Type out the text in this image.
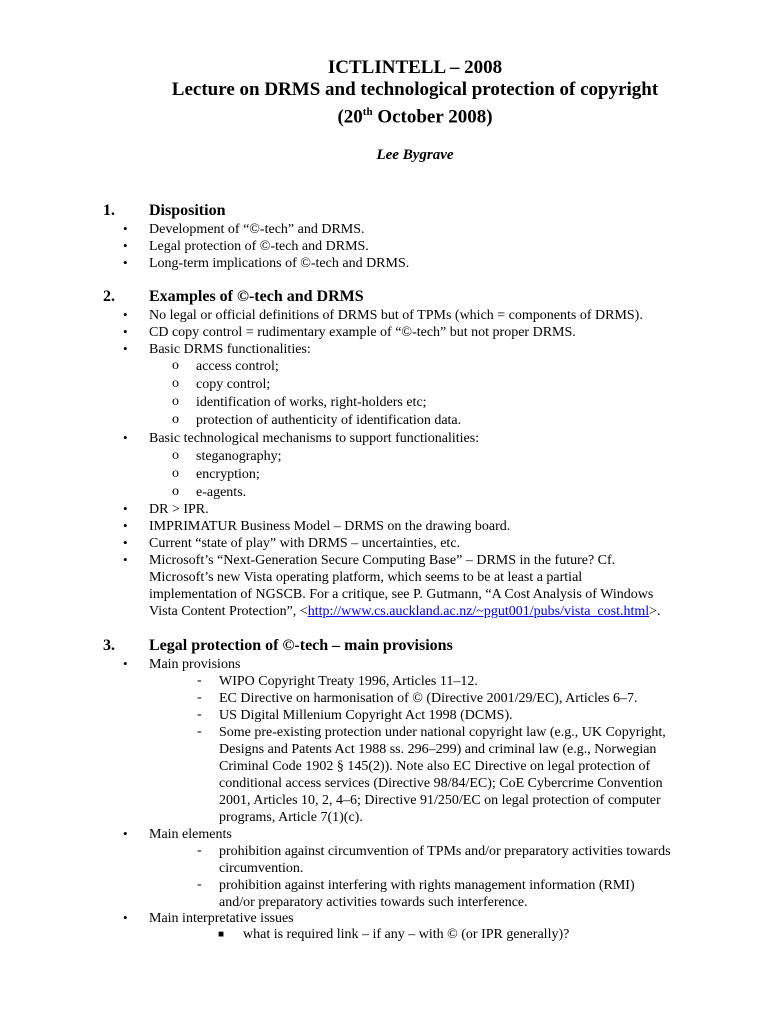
ICTLINTELL – 2008
Lecture on DRMS and technological protection of copyright
(20th October 2008)
Lee Bygrave
1. Disposition
• Development of “©-tech” and DRMS.
• Legal protection of ©-tech and DRMS.
• Long-term implications of ©-tech and DRMS.
2. Examples of ©-tech and DRMS
• No legal or official definitions of DRMS but of TPMs (which = components of DRMS).
• CD copy control = rudimentary example of “©-tech” but not proper DRMS.
• Basic DRMS functionalities:
o access control;
o copy control;
o identification of works, right-holders etc;
o protection of authenticity of identification data.
• Basic technological mechanisms to support functionalities:
o steganography;
o encryption;
o e-agents.
• DR > IPR.
• IMPRIMATUR Business Model – DRMS on the drawing board.
• Current “state of play” with DRMS – uncertainties, etc.
• Microsoft’s “Next-Generation Secure Computing Base” – DRMS in the future? Cf.
Microsoft’s new Vista operating platform, which seems to be at least a partial
implementation of NGSCB. For a critique, see P. Gutmann, “A Cost Analysis of Windows
Vista Content Protection”, <http://www.cs.auckland.ac.nz/~pgut001/pubs/vista_cost.html>.
3. Legal protection of ©-tech – main provisions
• Main provisions
- WIPO Copyright Treaty 1996, Articles 11–12.
- EC Directive on harmonisation of © (Directive 2001/29/EC), Articles 6–7.
- US Digital Millenium Copyright Act 1998 (DCMS).
- Some pre-existing protection under national copyright law (e.g., UK Copyright,
Designs and Patents Act 1988 ss. 296–299) and criminal law (e.g., Norwegian
Criminal Code 1902 § 145(2)). Note also EC Directive on legal protection of
conditional access services (Directive 98/84/EC); CoE Cybercrime Convention
2001, Articles 10, 2, 4–6; Directive 91/250/EC on legal protection of computer
programs, Article 7(1)(c).
• Main elements
- prohibition against circumvention of TPMs and/or preparatory activities towards
circumvention.
- prohibition against interfering with rights management information (RMI)
and/or preparatory activities towards such interference.
• Main interpretative issues
■ what is required link – if any – with © (or IPR generally)?
